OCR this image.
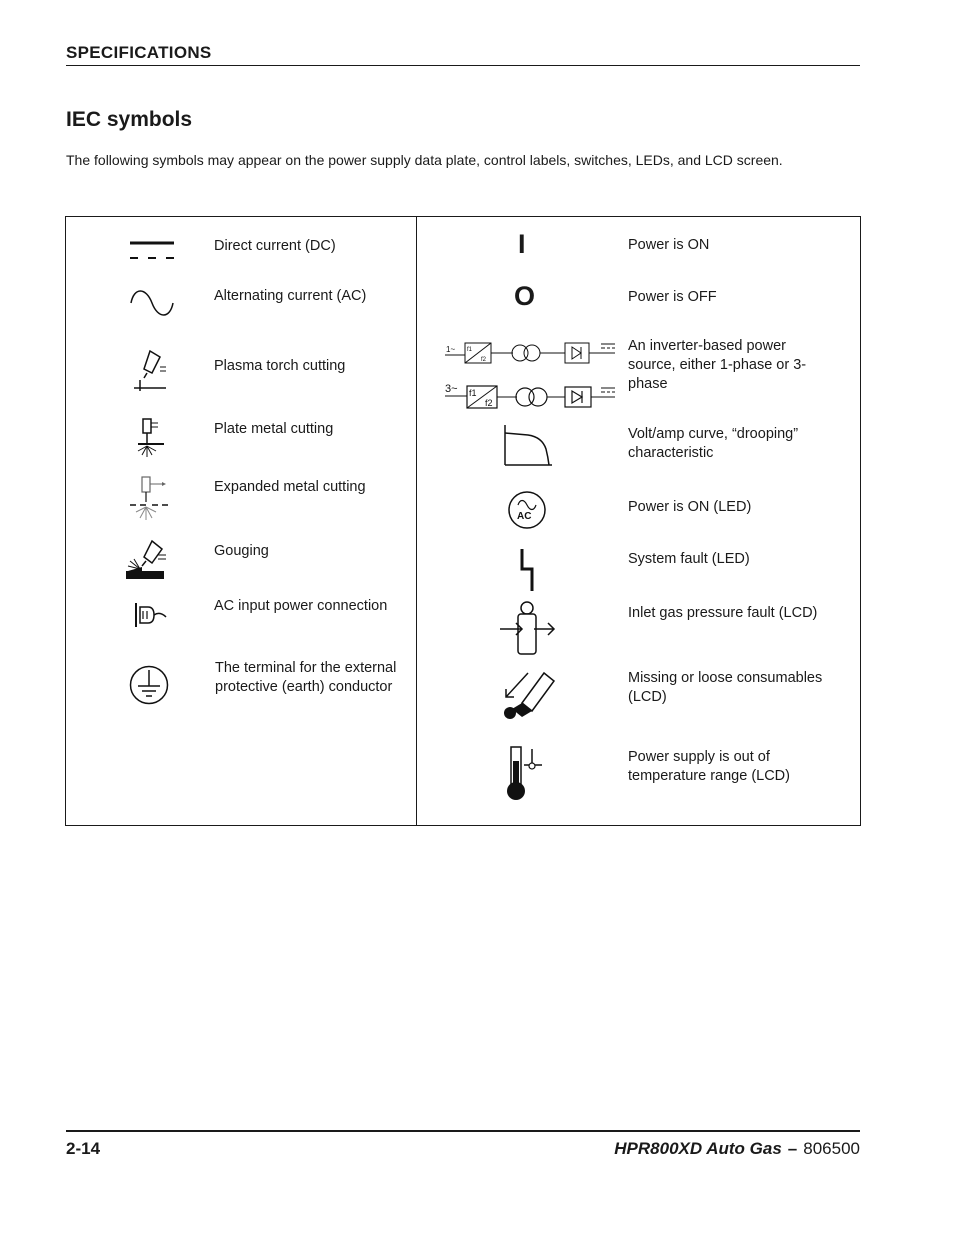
SPECIFICATIONS
IEC symbols
The following symbols may appear on the power supply data plate, control labels, switches, LEDs, and LCD screen.
Direct current (DC)
Alternating current (AC)
Plasma torch cutting
Plate metal cutting
Expanded metal cutting
Gouging
AC input power connection
The terminal for the external protective (earth) conductor
I	Power is ON
O	Power is OFF
1~ f1
f2
3~ f1
f2
An inverter-based power source, either 1-phase or 3-phase
Volt/amp curve, “drooping” characteristic
AC
Power is ON (LED)
System fault (LED)
Inlet gas pressure fault (LCD)
Missing or loose consumables (LCD)
Power supply is out of temperature range (LCD)
2-14	HPR800XD Auto Gas – 806500
